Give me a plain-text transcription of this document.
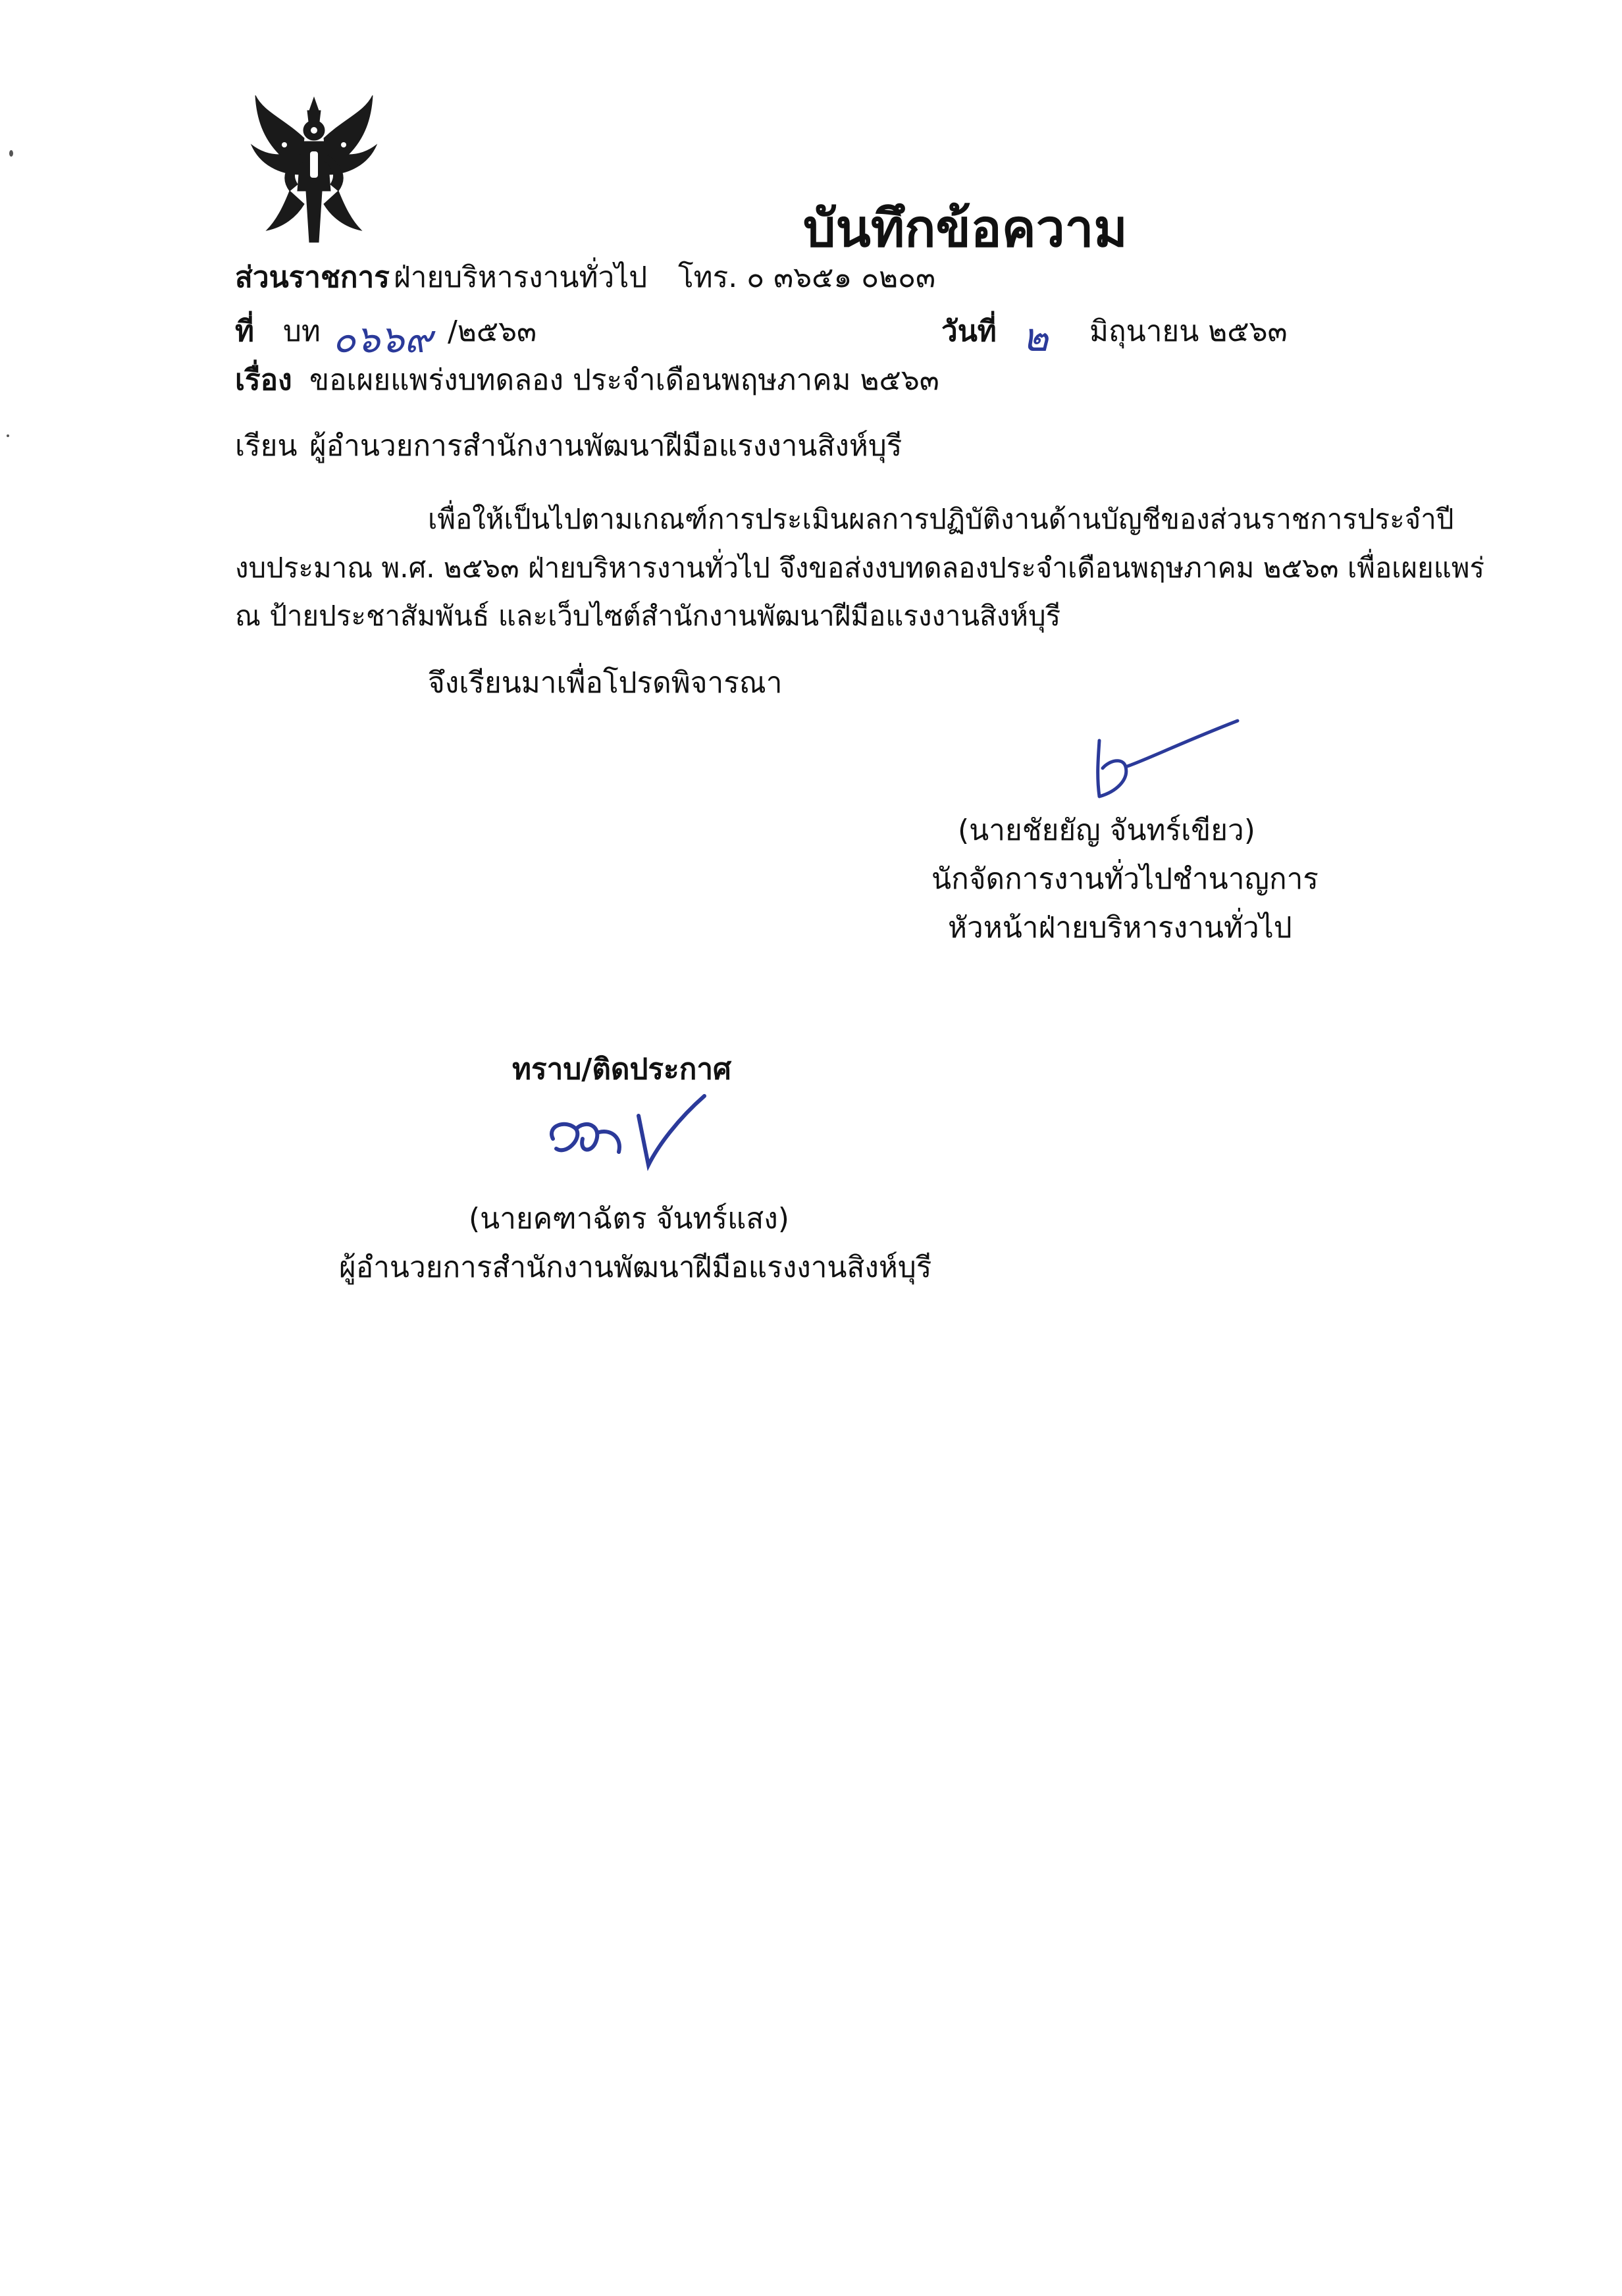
บันทึกข้อความ
ส่วนราชการ ฝ่ายบริหารงานทั่วไป โทร. ๐ ๓๖๕๑ ๐๒๐๓
ที่ บท ๐๖๖๙ /๒๕๖๓	วันที่ ๒ มิถุนายน ๒๕๖๓
เรื่อง ขอเผยแพร่งบทดลอง ประจำเดือนพฤษภาคม ๒๕๖๓
เรียน ผู้อำนวยการสำนักงานพัฒนาฝีมือแรงงานสิงห์บุรี
เพื่อให้เป็นไปตามเกณฑ์การประเมินผลการปฏิบัติงานด้านบัญชีของส่วนราชการประจำปี
งบประมาณ พ.ศ. ๒๕๖๓ ฝ่ายบริหารงานทั่วไป จึงขอส่งงบทดลองประจำเดือนพฤษภาคม ๒๕๖๓ เพื่อเผยแพร่
ณ ป้ายประชาสัมพันธ์ และเว็บไซต์สำนักงานพัฒนาฝีมือแรงงานสิงห์บุรี
จึงเรียนมาเพื่อโปรดพิจารณา
(นายชัยยัญ จันทร์เขียว)
นักจัดการงานทั่วไปชำนาญการ
หัวหน้าฝ่ายบริหารงานทั่วไป
ทราบ/ติดประกาศ
(นายคฑาฉัตร จันทร์แสง)
ผู้อำนวยการสำนักงานพัฒนาฝีมือแรงงานสิงห์บุรี
